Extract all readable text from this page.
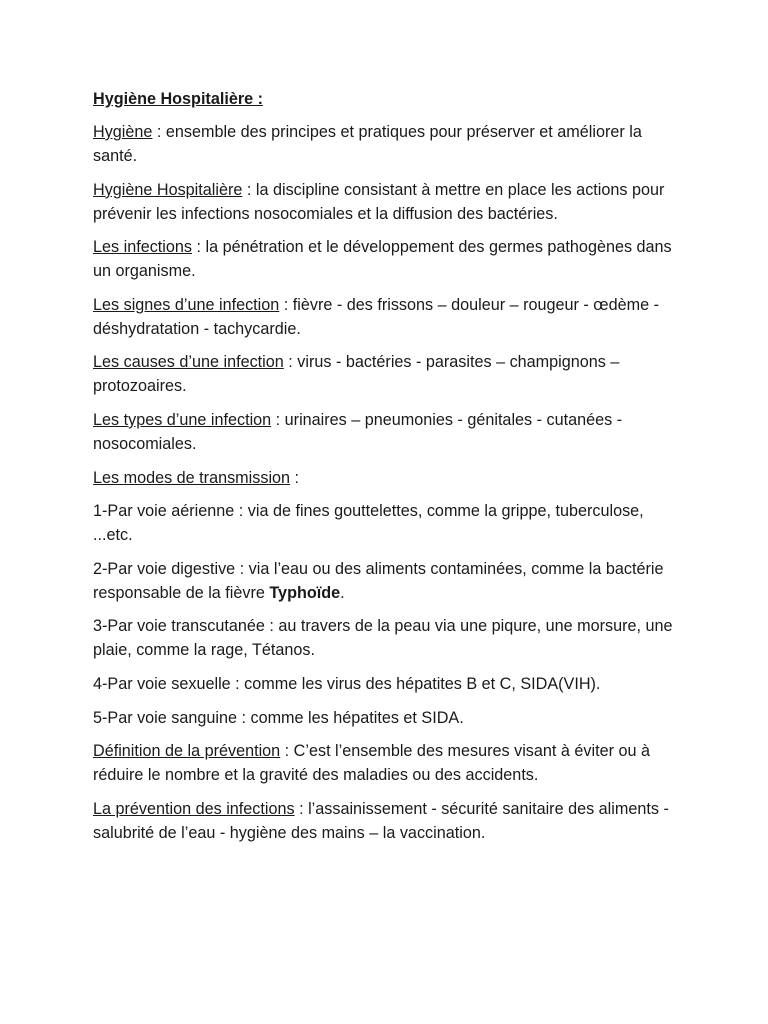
Hygiène Hospitalière :

Hygiène : ensemble des principes et pratiques pour préserver et améliorer la santé.

Hygiène Hospitalière : la discipline consistant à mettre en place les actions pour prévenir les infections nosocomiales et la diffusion des bactéries.

Les infections : la pénétration et le développement des germes pathogènes dans un organisme.

Les signes d’une infection : fièvre - des frissons – douleur – rougeur - œdème - déshydratation - tachycardie.

Les causes d’une infection : virus - bactéries - parasites – champignons – protozoaires.

Les types d’une infection : urinaires – pneumonies - génitales - cutanées - nosocomiales.

Les modes de transmission :

1-Par voie aérienne : via de fines gouttelettes, comme la grippe, tuberculose, ...etc.

2-Par voie digestive : via l’eau ou des aliments contaminées, comme la bactérie responsable de la fièvre Typhoïde.

3-Par voie transcutanée : au travers de la peau via une piqure, une morsure, une plaie, comme la rage, Tétanos.

4-Par voie sexuelle : comme les virus des hépatites B et C, SIDA(VIH).

5-Par voie sanguine : comme les hépatites et SIDA.

Définition de la prévention : C’est l’ensemble des mesures visant à éviter ou à réduire le nombre et la gravité des maladies ou des accidents.

La prévention des infections : l’assainissement - sécurité sanitaire des aliments - salubrité de l’eau - hygiène des mains – la vaccination.
